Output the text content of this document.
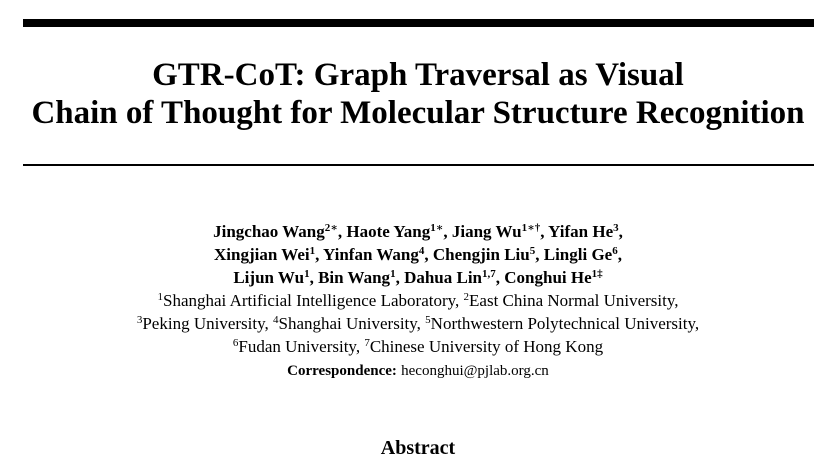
GTR-CoT: Graph Traversal as Visual
Chain of Thought for Molecular Structure Recognition
Jingchao Wang$^{2∗}$, Haote Yang$^{1∗}$, Jiang $Wu^{1∗\dagger}$, Yifan He$^3$,
Xingjian Wei$^1$, Yinfan Wang$^4$, Chengjin Liu$^5$, Lingli Ge$^6$,
Lijun Wu$^1$, Bin Wang$^1$, Dahua Lin$^{1,7}$, Conghui $He^{1\ddagger}$
$^1$Shanghai Artificial Intelligence Laboratory, $^2$East China Normal University,
$^3$Peking University, $^4$Shanghai University, $^5$Northwestern Polytechnical University,
$^6$Fudan University, $^7$Chinese University of Hong Kong
Correspondence: heconghui@pjlab.org.cn
Abstract
